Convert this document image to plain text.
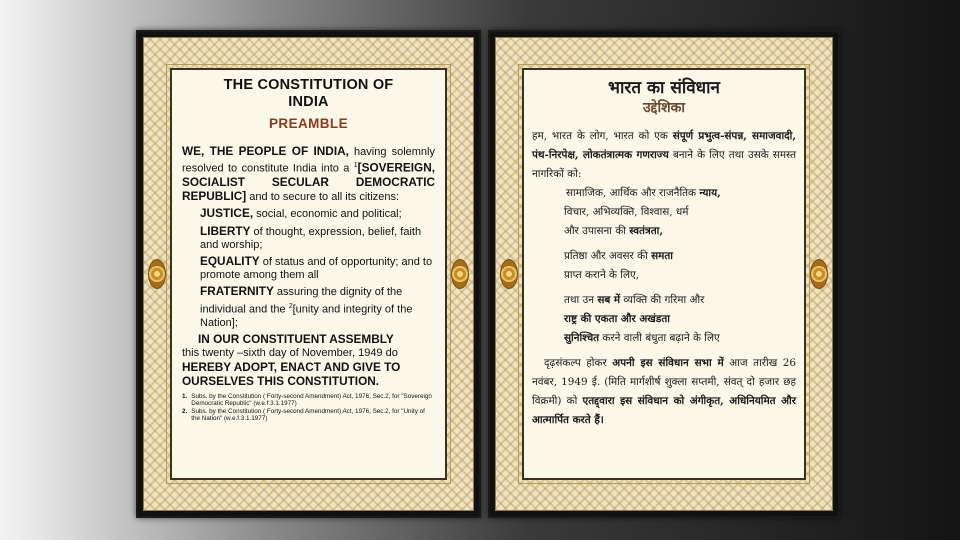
THE CONSTITUTION OF
INDIA
PREAMBLE

WE, THE PEOPLE OF INDIA, having solemnly resolved to constitute India into a $^1$[SOVEREIGN, SOCIALIST SECULAR DEMOCRATIC REPUBLIC] and to secure to all its citizens:

JUSTICE, social, economic and political;

LIBERTY of thought, expression, belief, faith and worship;

EQUALITY of status and of opportunity; and to promote among them all

FRATERNITY assuring the dignity of the individual and the $^2$[unity and integrity of the Nation];

IN OUR CONSTITUENT ASSEMBLY

this twenty –sixth day of November, 1949 do

HEREBY ADOPT, ENACT AND GIVE TO OURSELVES THIS CONSTITUTION.

1. Subs. by the Constitution ( Forty-second Amendment) Act, 1976, Sec.2, for "Sovereign Democratic Republic" (w.e.f.3.1.1977)
2. Subs. by the Constitution ( Forty-second Amendment) Act, 1976, Sec.2, for "Unity of the Nation" (w.e.f.3.1.1977)
भारत का संविधान
उद्देशिका

हम, भारत के लोग, भारत को एक संपूर्ण प्रभुत्व-संपन्न, समाजवादी, पंथ-निरपेक्ष, लोकतंत्रात्मक गणराज्य बनाने के लिए तथा उसके समस्त नागरिकों को:

सामाजिक, आर्थिक और राजनैतिक न्याय,

विचार, अभिव्यक्ति, विश्वास, धर्म

और उपासना की स्वतंत्रता,

प्रतिष्ठा और अवसर की समता

प्राप्त कराने के लिए,

तथा उन सब में व्यक्ति की गरिमा और

राष्ट्र की एकता और अखंडता

सुनिश्चित करने वाली बंधुता बढ़ाने के लिए

दृढ़संकल्प होकर अपनी इस संविधान सभा में आज तारीख 26 नवंबर, 1949 ई. (मिति मार्गशीर्ष शुक्ला सप्तमी, संवत् दो हजार छह विक्रमी) को एतद्द्वारा इस संविधान को अंगीकृत, अधिनियमित और आत्मार्पित करते हैं।
